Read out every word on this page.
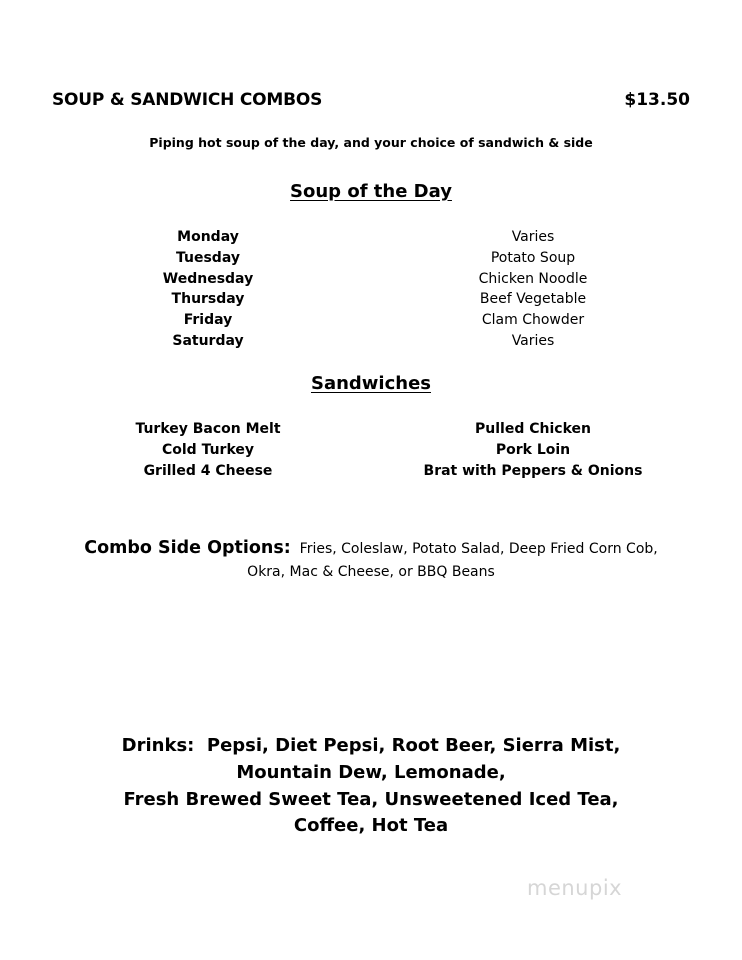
SOUP & SANDWICH COMBOS	$13.50
Piping hot soup of the day, and your choice of sandwich & side
Soup of the Day
Monday
Tuesday
Wednesday
Thursday
Friday
Saturday
Varies
Potato Soup
Chicken Noodle
Beef Vegetable
Clam Chowder
Varies
Sandwiches
Turkey Bacon Melt
Cold Turkey
Grilled 4 Cheese
Pulled Chicken
Pork Loin
Brat with Peppers & Onions
Combo Side Options: Fries, Coleslaw, Potato Salad, Deep Fried Corn Cob,
Okra, Mac & Cheese, or BBQ Beans
Drinks:  Pepsi, Diet Pepsi, Root Beer, Sierra Mist,
Mountain Dew, Lemonade,
Fresh Brewed Sweet Tea, Unsweetened Iced Tea,
Coffee, Hot Tea
menupix
